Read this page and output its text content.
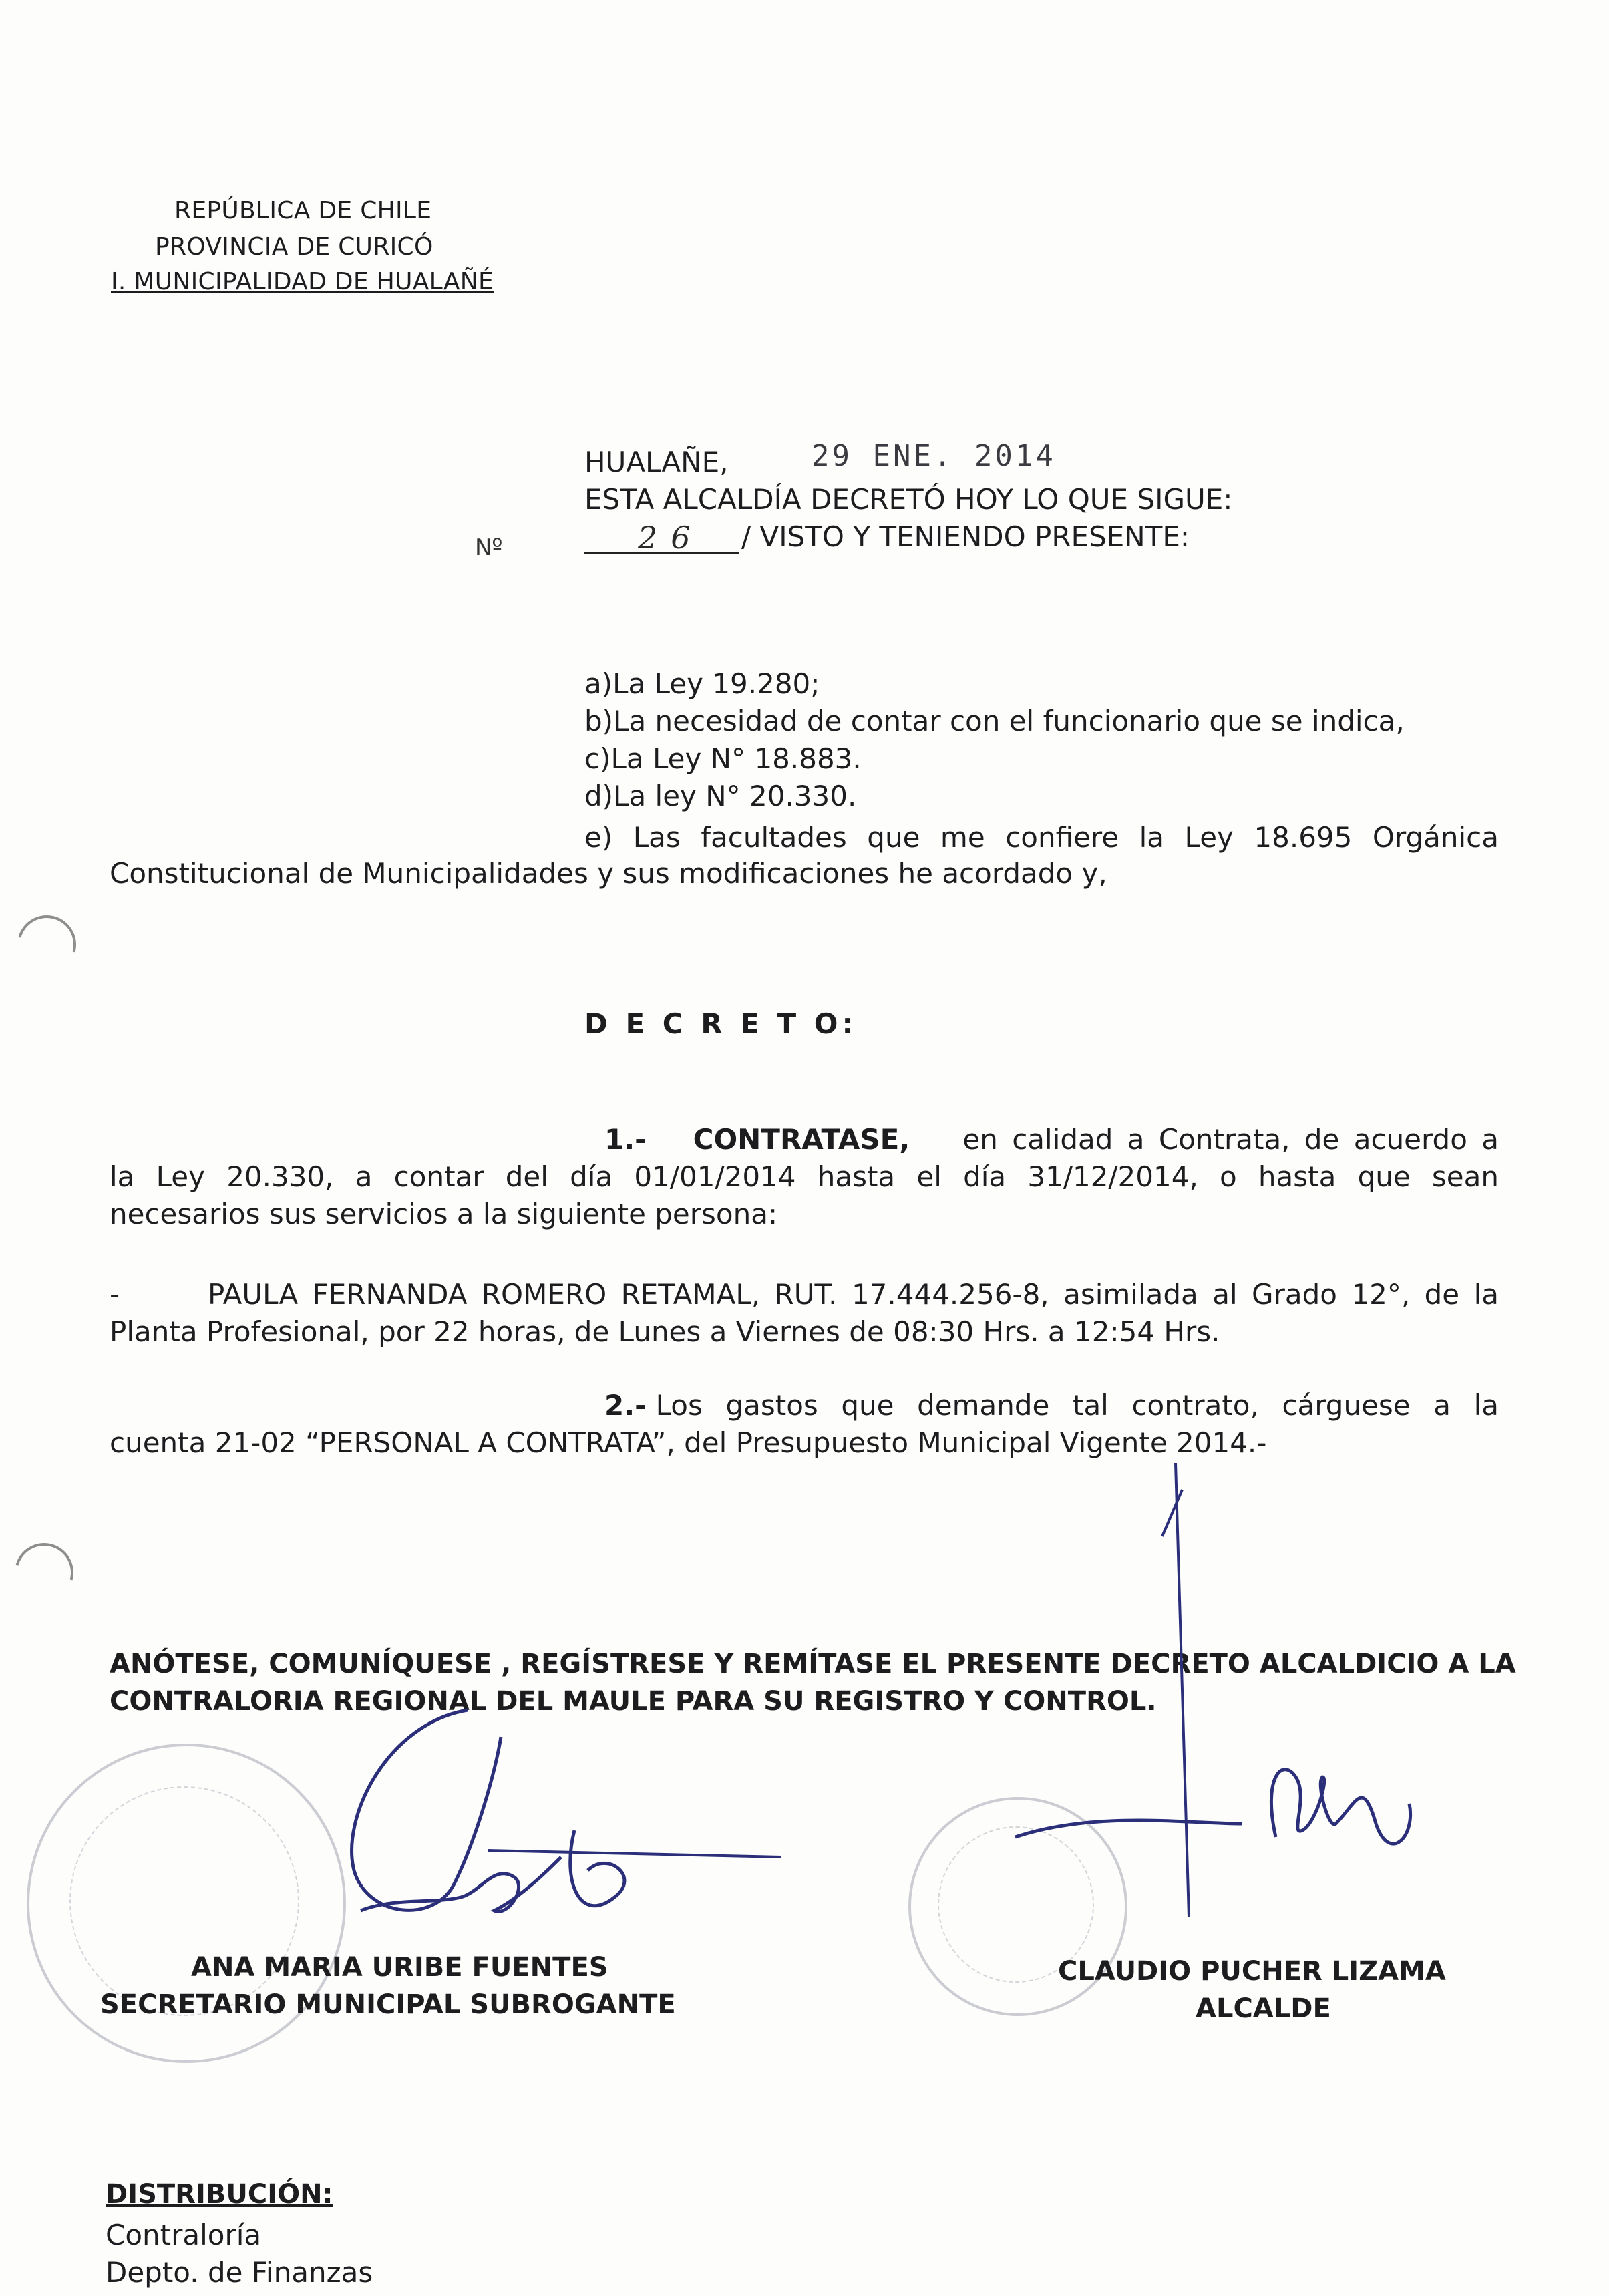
REPÚBLICA DE CHILE
PROVINCIA DE CURICÓ
I. MUNICIPALIDAD DE HUALAÑÉ
HUALAÑE,	29 ENE. 2014
ESTA ALCALDÍA DECRETÓ HOY LO QUE SIGUE:
Nº	26 / VISTO Y TENIENDO PRESENTE:
a)La Ley 19.280;
b)La necesidad de contar con el funcionario que se indica,
c)La Ley N° 18.883.
d)La ley N° 20.330.
e) Las facultades que me confiere la Ley 18.695 Orgánica
Constitucional de Municipalidades y sus modificaciones he acordado y,
D E C R E T O:
1.- CONTRATASE, en calidad a Contrata, de acuerdo a
la Ley 20.330, a contar del día 01/01/2014 hasta el día 31/12/2014, o hasta que sean
necesarios sus servicios a la siguiente persona:
-	PAULA FERNANDA ROMERO RETAMAL, RUT. 17.444.256-8, asimilada al Grado 12°, de la
Planta Profesional, por 22 horas, de Lunes a Viernes de 08:30 Hrs. a 12:54 Hrs.
2.- Los gastos que demande tal contrato, cárguese a la
cuenta 21-02 “PERSONAL A CONTRATA”, del Presupuesto Municipal Vigente 2014.-
ANÓTESE, COMUNÍQUESE , REGÍSTRESE Y REMÍTASE EL PRESENTE DECRETO ALCALDICIO A LA
CONTRALORIA REGIONAL DEL MAULE PARA SU REGISTRO Y CONTROL.
ANA MARIA URIBE FUENTES
SECRETARIO MUNICIPAL SUBROGANTE
CLAUDIO PUCHER LIZAMA
ALCALDE
DISTRIBUCIÓN:
Contraloría
Depto. de Finanzas
